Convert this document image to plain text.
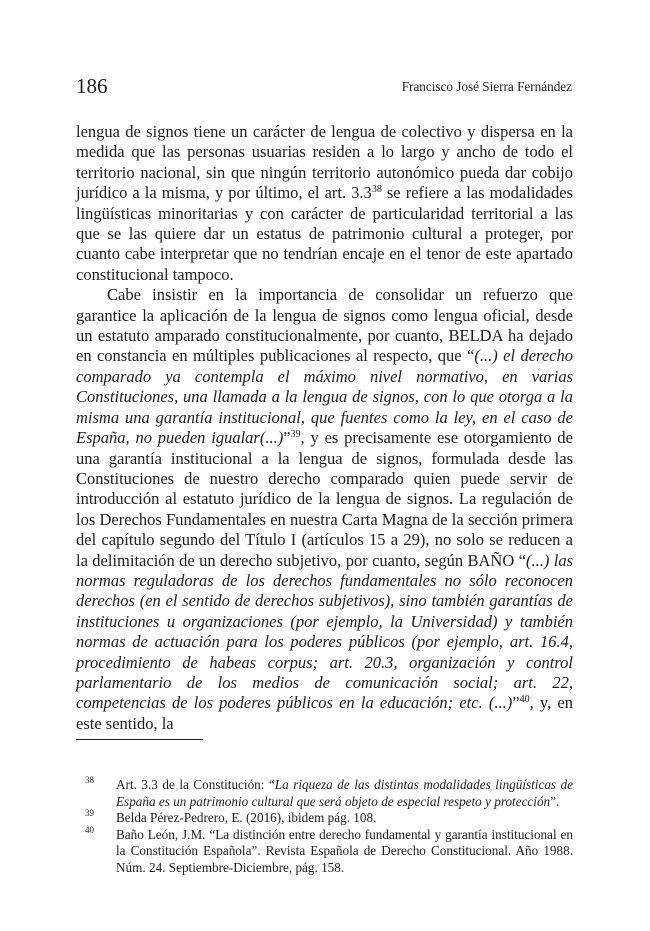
186	Francisco José Sierra Fernández

lengua de signos tiene un carácter de lengua de colectivo y dispersa en la medida que las personas usuarias residen a lo largo y ancho de todo el territorio nacional, sin que ningún territorio autonómico pueda dar cobijo jurídico a la misma, y por último, el art. $3.3^{38}$ se refiere a las modalidades lingüísticas minoritarias y con carácter de particularidad territorial a las que se las quiere dar un estatus de patrimonio cultural a proteger, por cuanto cabe interpretar que no tendrían encaje en el tenor de este apartado constitucional tampoco.

Cabe insistir en la importancia de consolidar un refuerzo que garantice la aplicación de la lengua de signos como lengua oficial, desde un estatuto amparado constitucionalmente, por cuanto, BELDA ha dejado en constancia en múltiples publicaciones al respecto, que “(...) el derecho comparado ya contempla el máximo nivel normativo, en varias Constituciones, una llamada a la lengua de signos, con lo que otorga a la misma una garantía institucional, que fuentes como la ley, en el caso de España, no pueden igualar(...)”$^{39}$, y es precisamente ese otorgamiento de una garantía institucional a la lengua de signos, formulada desde las Constituciones de nuestro derecho comparado quien puede servir de introducción al estatuto jurídico de la lengua de signos. La regulación de los Derechos Fundamentales en nuestra Carta Magna de la sección primera del capítulo segundo del Título I (artículos 15 a 29), no solo se reducen a la delimitación de un derecho subjetivo, por cuanto, según BAÑO “(...) las normas reguladoras de los derechos fundamentales no sólo reconocen derechos (en el sentido de derechos subjetivos), sino también garantías de instituciones u organizaciones (por ejemplo, la Universidad) y también normas de actuación para los poderes públicos (por ejemplo, art. 16.4, procedimiento de habeas corpus; art. 20.3, organización y control parlamentario de los medios de comunicación social; art. 22, competencias de los poderes públicos en la educación; etc. (...)”$^{40}$, y, en este sentido, la

38 Art. 3.3 de la Constitución: “La riqueza de las distintas modalidades lingüísticas de España es un patrimonio cultural que será objeto de especial respeto y protección”.
39 Belda Pérez-Pedrero, E. (2016), ibidem pág. 108.
40 Baño León, J.M. “La distinción entre derecho fundamental y garantía institucional en la Constitución Española”. Revista Española de Derecho Constitucional. Año 1988. Núm. 24. Septiembre-Diciembre, pág. 158.
